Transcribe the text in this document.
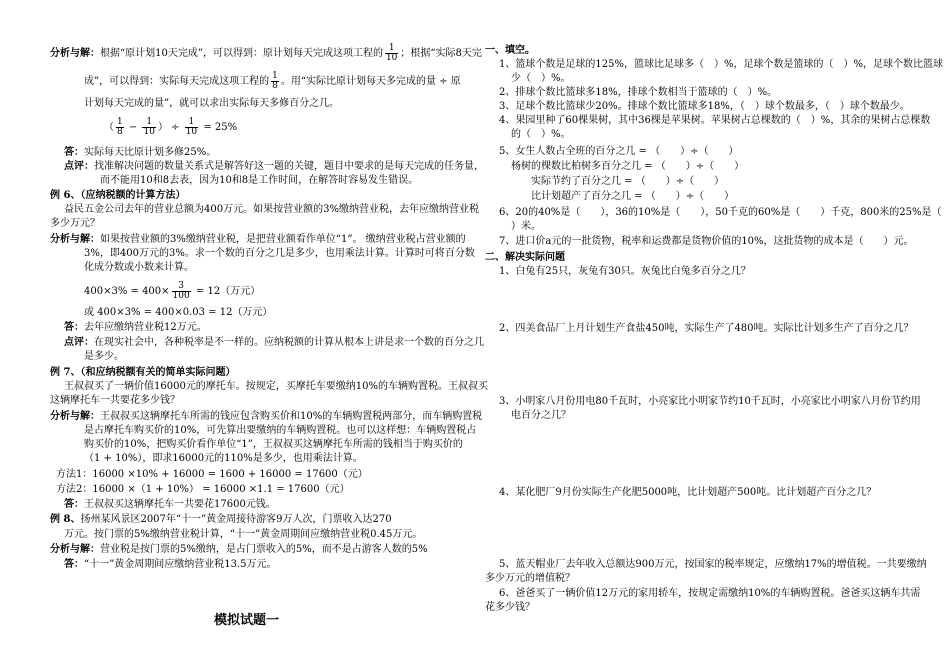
分析与解：根据“原计划10天完成”，可以得到：原计划每天完成这项工程的 $\frac{1}{10}$ ；根据“实际8天完
成”，可以得到：实际每天完成这项工程的 $\frac{1}{8}$ 。用“实际比原计划每天多完成的量 ÷ 原
计划每天完成的量”，就可以求出实际每天多修百分之几。
（ $\frac{1}{8} - \frac{1}{10}$ ） ÷ $\frac{1}{10} = 25\%$
答：实际每天比原计划多修25%。
点评：找准解决问题的数量关系式是解答好这一题的关键，题目中要求的是每天完成的任务量，
而不能用10和8去表，因为10和8是工作时间，在解答时容易发生错误。
例 6、（应纳税额的计算方法）
益民五金公司去年的营业总额为400万元。如果按营业额的3%缴纳营业税，去年应缴纳营业税
多少万元？
分析与解：如果按营业额的3%缴纳营业税，是把营业额看作单位“1”。 缴纳营业税占营业额的
3%，即400万元的3%。求一个数的百分之几是多少，也用乘法计算。计算时可将百分数
化成分数或小数来计算。
$400\times 3\% = 400\times \frac{3}{100} = 12$（万元）
或 400×3% = 400×0.03 = 12（万元）
答：去年应缴纳营业税12万元。
点评：在现实社会中，各种税率是不一样的。应纳税额的计算从根本上讲是求一个数的百分之几
是多少。
例 7、（和应纳税额有关的简单实际问题）
王叔叔买了一辆价值16000元的摩托车。按规定，买摩托车要缴纳10%的车辆购置税。王叔叔买
这辆摩托车一共要花多少钱？
分析与解：王叔叔买这辆摩托车所需的钱应包含购买价和10%的车辆购置税两部分，而车辆购置税
是占摩托车购买价的10%，可先算出要缴纳的车辆购置税。也可以这样想：车辆购置税占
购买价的10%，把购买价看作单位“1”，王叔叔买这辆摩托车所需的钱相当于购买价的
（1 + 10%），即求16000元的110%是多少，也用乘法计算。
方法1：16000 ×10% + 16000 = 1600 + 16000 = 17600（元）
方法2：16000 ×（1 + 10%） = 16000 ×1.1 = 17600（元）
答：王叔叔买这辆摩托车一共要花17600元钱。
例 8、扬州某风景区2007年“十一”黄金周接待游客9万人次，门票收入达270
万元。按门票的5%缴纳营业税计算，“十一”黄金周期间应缴纳营业税0.45万元。
分析与解：营业税是按门票的5%缴纳，是占门票收入的5%，而不是占游客人数的5%
答：“十一”黄金周期间应缴纳营业税13.5万元。
模拟试题一
一、填空。
1、篮球个数是足球的125%，篮球比足球多（　）%，足球个数是篮球的（　）%，足球个数比篮球
少（　）%。
2、排球个数比篮球多18%，排球个数相当于篮球的（　）%。
3、足球个数比篮球少20%。排球个数比篮球多18%，（　）球个数最多，（　）球个数最少。
4、果园里种了60棵果树，其中36棵是苹果树。苹果树占总棵数的（　）%，其余的果树占总棵数
的（　）%。
5、女生人数占全班的百分之几 = （　　）÷（　　）
杨树的棵数比柏树多百分之几 = （　　）÷（　　）
实际节约了百分之几 = （　　）÷（　　）
比计划超产了百分之几 = （　　）÷（　　）
6、20的40%是（　　），36的10%是（　　），50千克的60%是（　　）千克，800米的25%是（
）米。
7、进口价a元的一批货物，税率和运费都是货物价值的10%，这批货物的成本是（　　）元。
二、解决实际问题
1、白兔有25只，灰兔有30只。灰兔比白兔多百分之几？
2、四美食品厂上月计划生产食盐450吨，实际生产了480吨。实际比计划多生产了百分之几？
3、小明家八月份用电80千瓦时，小亮家比小明家节约10千瓦时，小亮家比小明家八月份节约用
电百分之几？
4、某化肥厂9月份实际生产化肥5000吨，比计划超产500吨。比计划超产百分之几？
5、蓝天帽业厂去年收入总额达900万元，按国家的税率规定，应缴纳17%的增值税。一共要缴纳
多少万元的增值税？
6、爸爸买了一辆价值12万元的家用轿车，按规定需缴纳10%的车辆购置税。爸爸买这辆车共需
花多少钱？
